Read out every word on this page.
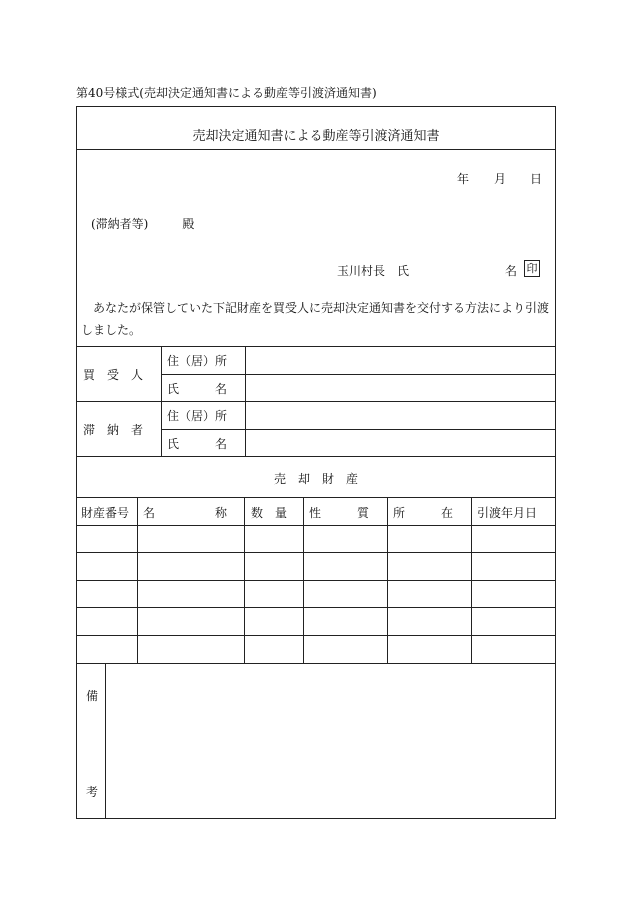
第40号様式(売却決定通知書による動産等引渡済通知書)
売却決定通知書による動産等引渡済通知書
年 月 日
(滞納者等)	殿
玉川村長　氏	名 印
あなたが保管していた下記財産を買受人に売却決定通知書を交付する方法により引渡しました。
買　受　人
住（居）所
氏　　　名
滞　納　者
住（居）所
氏　　　名
売　却　財　産
財産番号 名　　　　　称 数　量 性　　　質 所　　　在 引渡年月日
備
考
